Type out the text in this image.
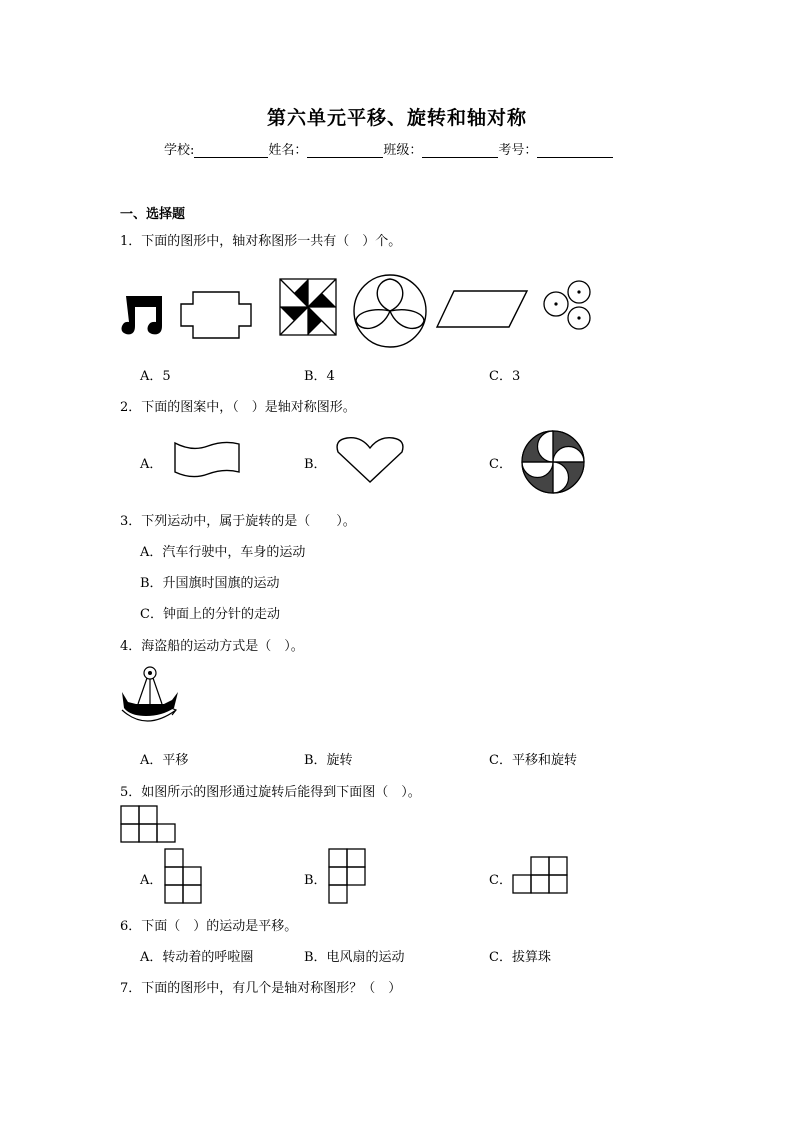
第六单元平移、旋转和轴对称
学校:	姓名：	班级：	考号：
一、选择题
1．下面的图形中，轴对称图形一共有（　）个。
A．5	B．4	C．3
2．下面的图案中，（　）是轴对称图形。
A．	B．	C．
3．下列运动中，属于旋转的是（　　）。
A．汽车行驶中，车身的运动
B．升国旗时国旗的运动
C．钟面上的分针的走动
4．海盗船的运动方式是（　）。
A．平移	B．旋转	C．平移和旋转
5．如图所示的图形通过旋转后能得到下面图（　）。
A．	B．	C．
6．下面（　）的运动是平移。
A．转动着的呼啦圈	B．电风扇的运动	C．拔算珠
7．下面的图形中，有几个是轴对称图形？（　）
